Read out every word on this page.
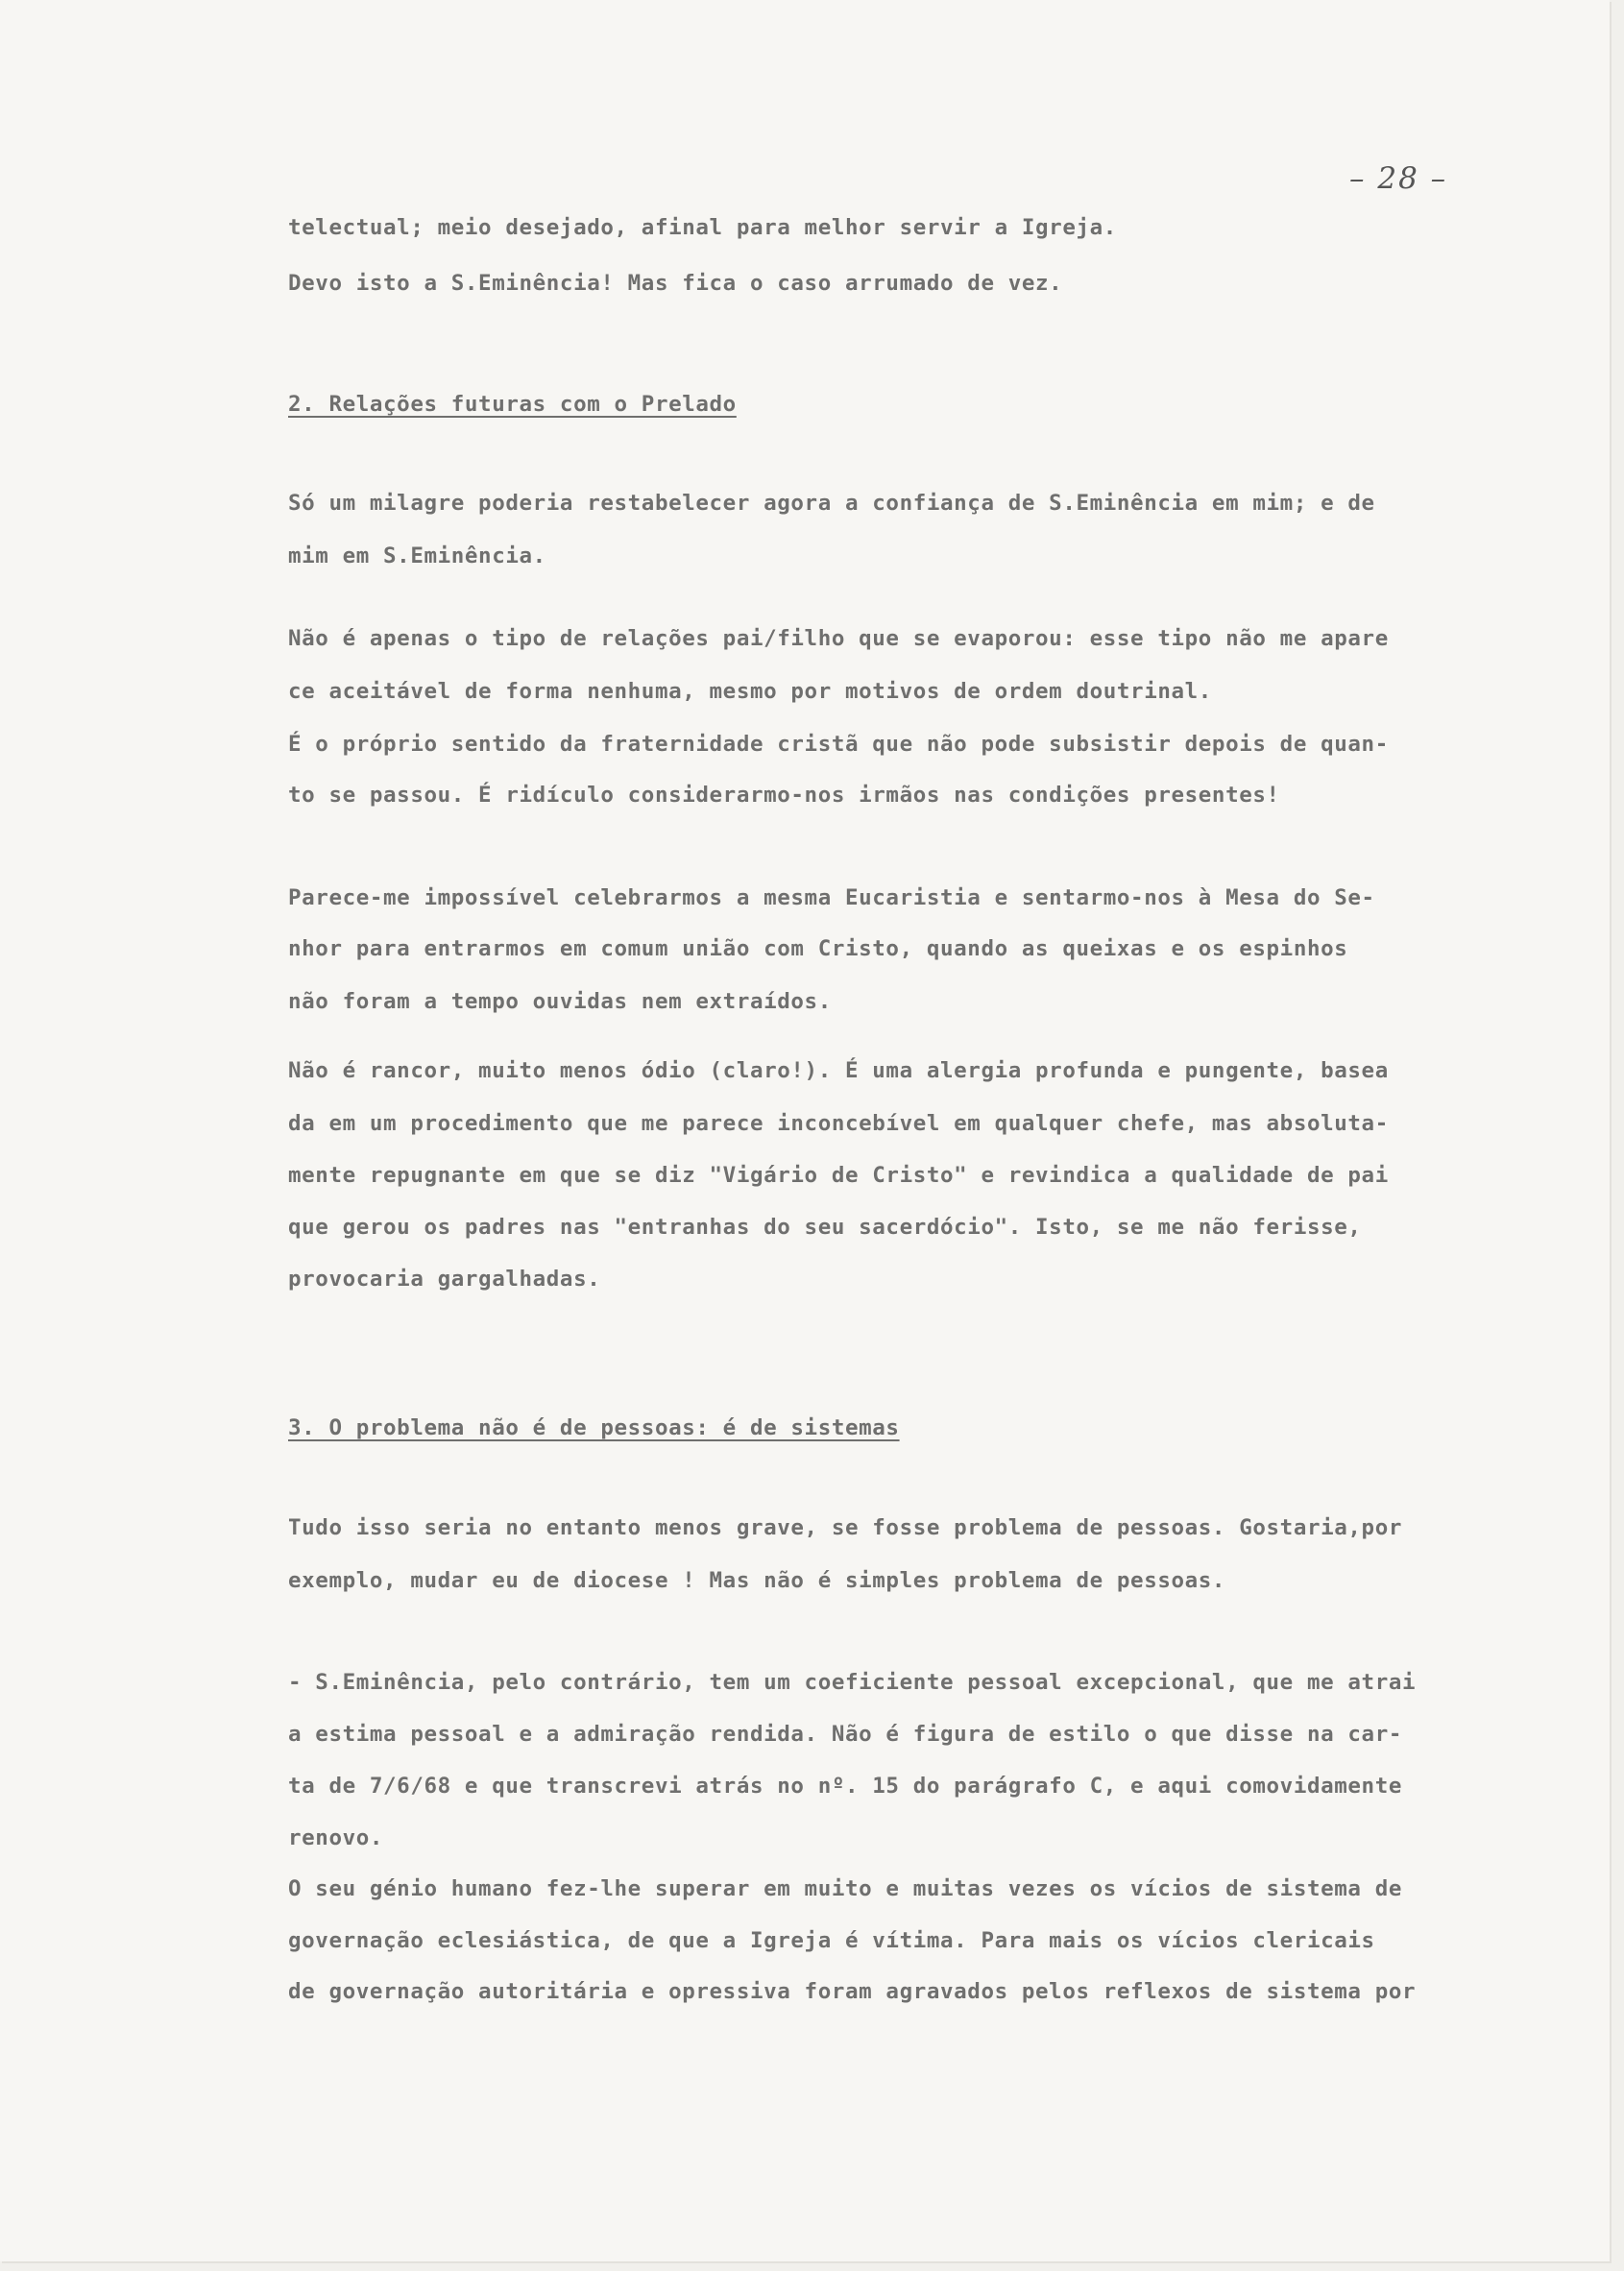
– 28 –
telectual; meio desejado, afinal para melhor servir a Igreja.
Devo isto a S.Eminência! Mas fica o caso arrumado de vez.
2. Relações futuras com o Prelado
Só um milagre poderia restabelecer agora a confiança de S.Eminência em mim; e de
mim em S.Eminência.
Não é apenas o tipo de relações pai/filho que se evaporou: esse tipo não me apare
ce aceitável de forma nenhuma, mesmo por motivos de ordem doutrinal.
É o próprio sentido da fraternidade cristã que não pode subsistir depois de quan-
to se passou. É ridículo considerarmo-nos irmãos nas condições presentes!
Parece-me impossível celebrarmos a mesma Eucaristia e sentarmo-nos à Mesa do Se-
nhor para entrarmos em comum união com Cristo, quando as queixas e os espinhos
não foram a tempo ouvidas nem extraídos.
Não é rancor, muito menos ódio (claro!). É uma alergia profunda e pungente, basea
da em um procedimento que me parece inconcebível em qualquer chefe, mas absoluta-
mente repugnante em que se diz "Vigário de Cristo" e revindica a qualidade de pai
que gerou os padres nas "entranhas do seu sacerdócio". Isto, se me não ferisse,
provocaria gargalhadas.
3. O problema não é de pessoas: é de sistemas
Tudo isso seria no entanto menos grave, se fosse problema de pessoas. Gostaria,por
exemplo, mudar eu de diocese ! Mas não é simples problema de pessoas.
- S.Eminência, pelo contrário, tem um coeficiente pessoal excepcional, que me atrai
a estima pessoal e a admiração rendida. Não é figura de estilo o que disse na car-
ta de 7/6/68 e que transcrevi atrás no nº. 15 do parágrafo C, e aqui comovidamente
renovo.
O seu génio humano fez-lhe superar em muito e muitas vezes os vícios de sistema de
governação eclesiástica, de que a Igreja é vítima. Para mais os vícios clericais
de governação autoritária e opressiva foram agravados pelos reflexos de sistema por
